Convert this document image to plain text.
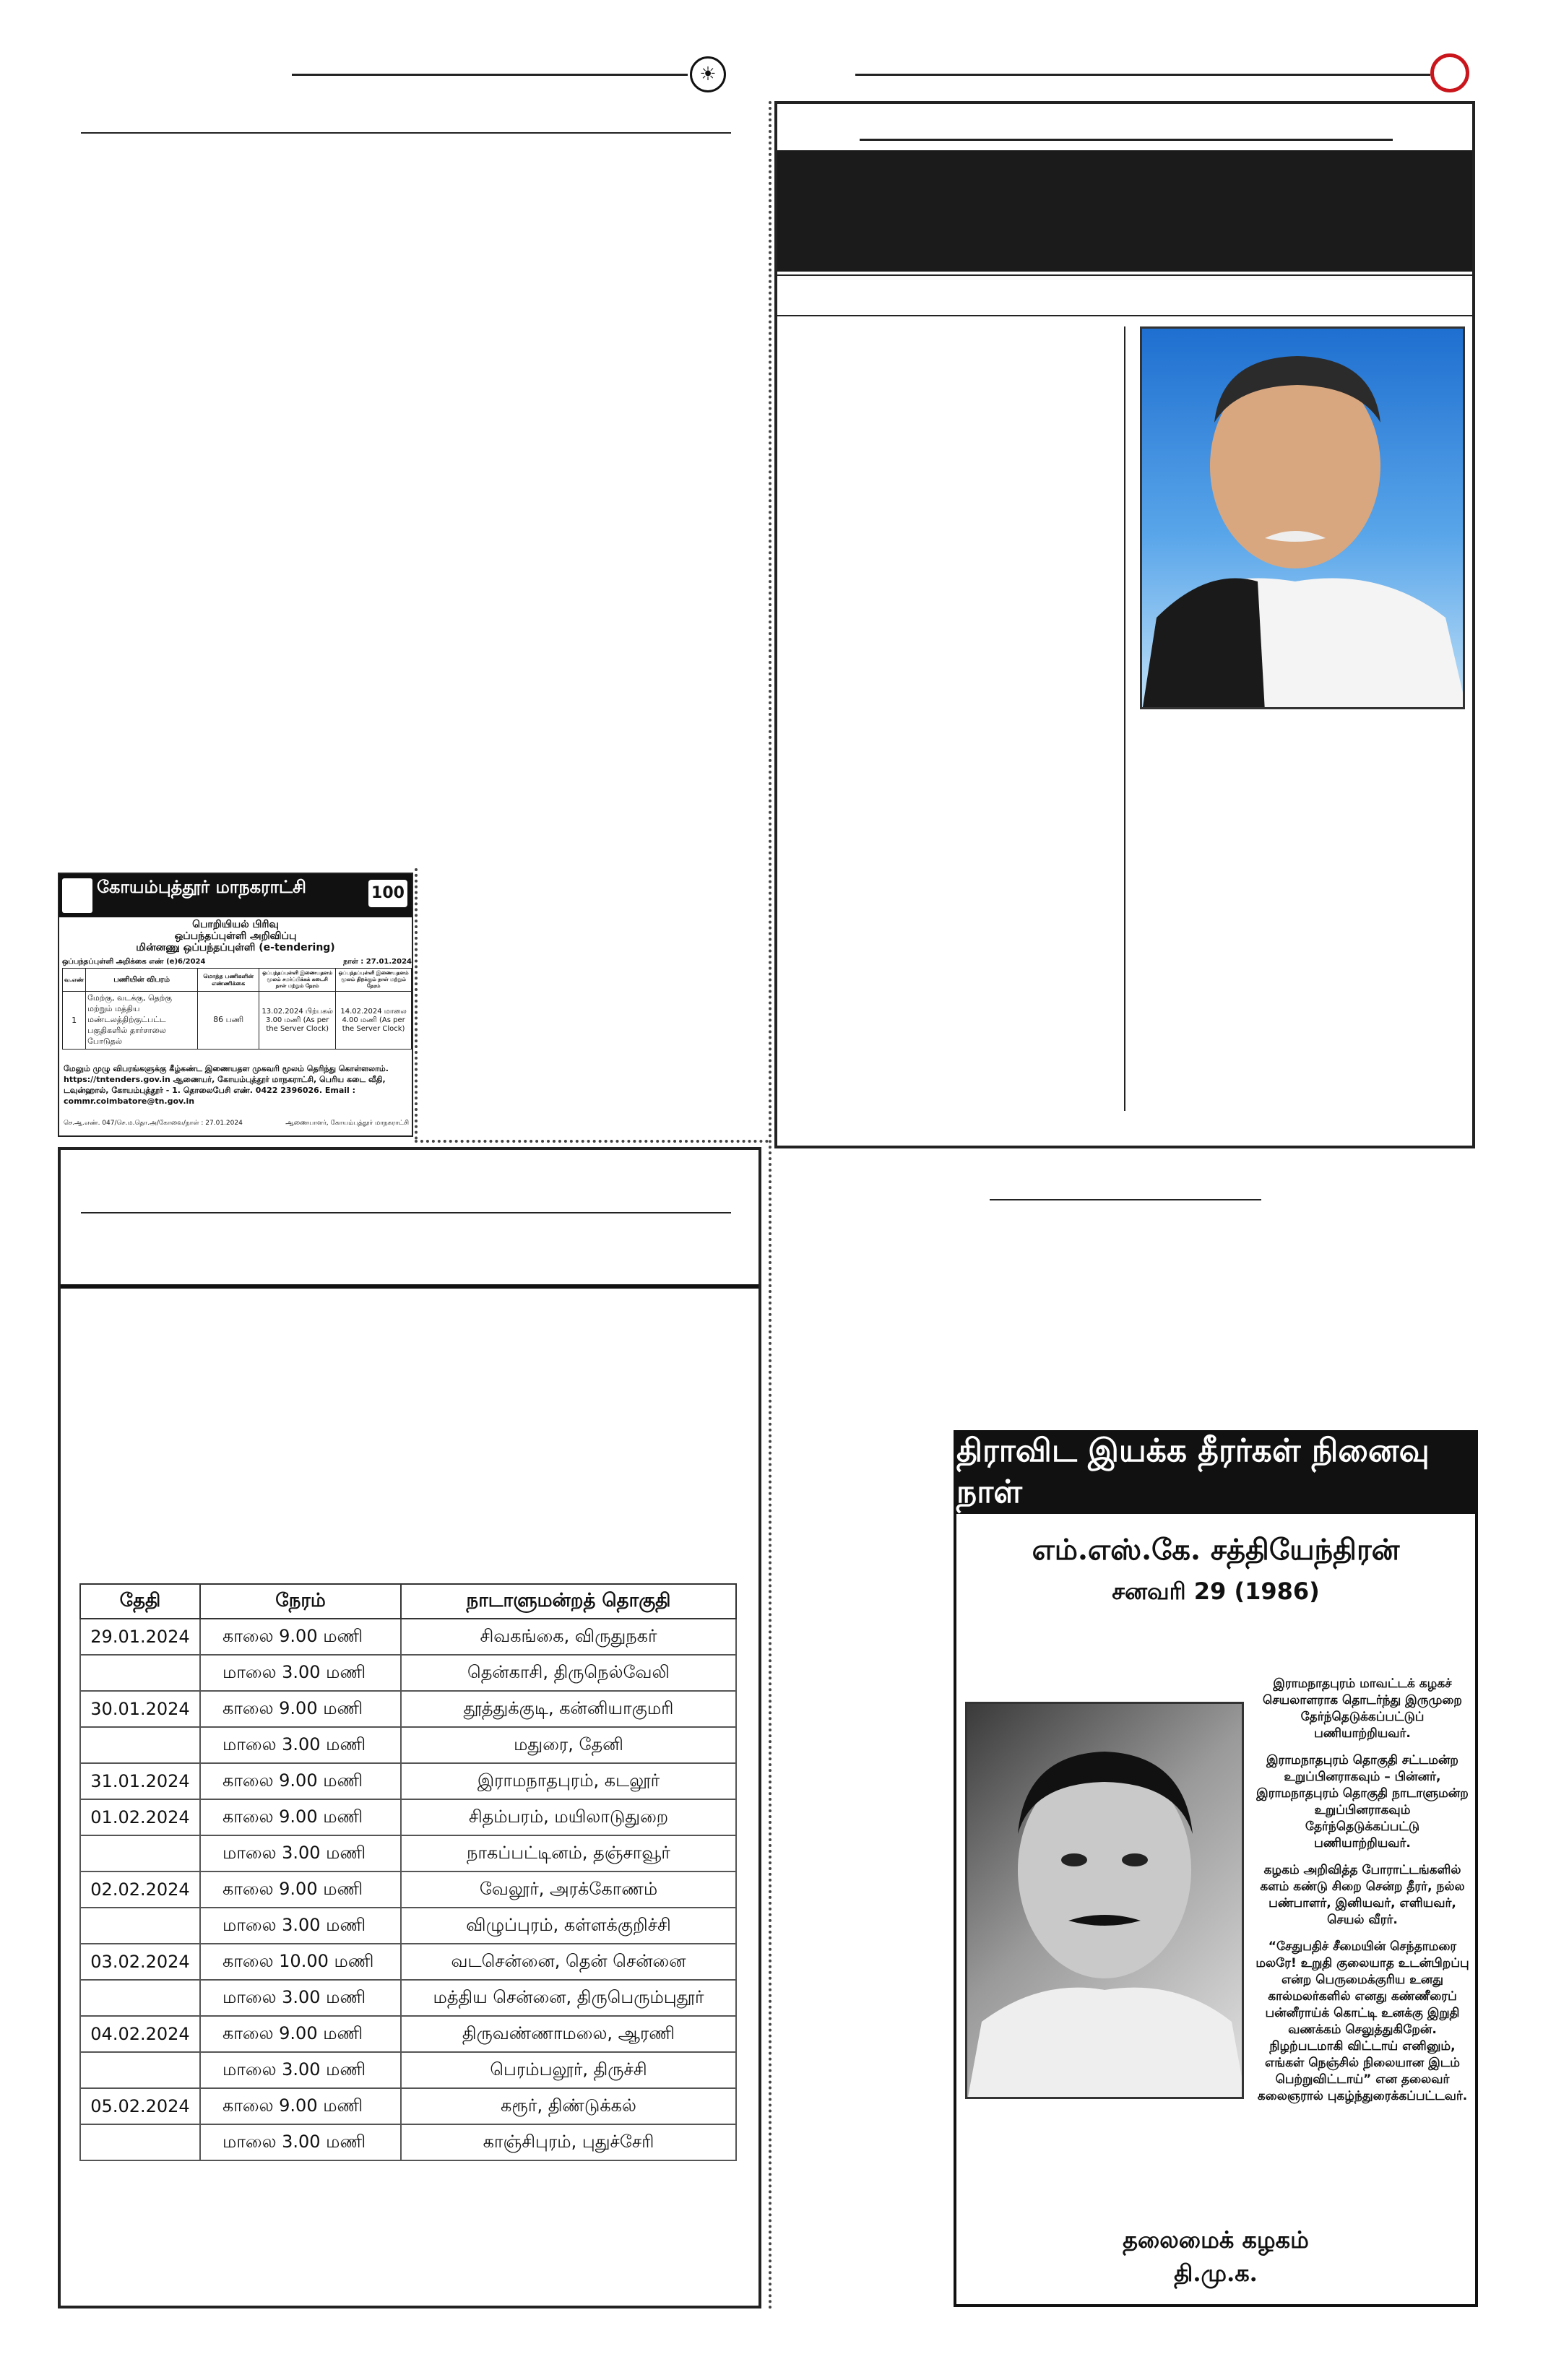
☀
கோயம்புத்தூர் மாநகராட்சி	100
பொறியியல் பிரிவு
ஒப்பந்தப்புள்ளி அறிவிப்பு
மின்னணு ஒப்பந்தப்புள்ளி (e-tendering)
ஒப்பந்தப்புள்ளி அறிக்கை எண் (e)6/2024	நாள் : 27.01.2024
வ.எண்	பணியின் விபரம்	மொத்த பணிகளின் எண்ணிக்கை	ஒப்பந்தப்புள்ளி இணையதளம் மூலம் சமர்ப்பிக்கக் கடைசி நாள் மற்றும் நேரம்	ஒப்பந்தப்புள்ளி இணையதளம் மூலம் திறக்கும் நாள் மற்றும் நேரம்
1	மேற்கு, வடக்கு, தெற்கு மற்றும் மத்திய மண்டலத்திற்குட்பட்ட பகுதிகளில் தார்சாலை போடுதல்	86 பணி	13.02.2024 பிற்பகல் 3.00 மணி (As per the Server Clock)	14.02.2024 மாலை 4.00 மணி (As per the Server Clock)
மேலும் முழு விபரங்களுக்கு கீழ்கண்ட இணையதள முகவரி மூலம் தெரிந்து கொள்ளலாம். https://tntenders.gov.in ஆணையர், கோயம்புத்தூர் மாநகராட்சி, பெரிய கடை வீதி, டவுன்ஹால், கோயம்புத்தூர் - 1. தொலைபேசி எண். 0422 2396026. Email : commr.coimbatore@tn.gov.in
செ.ஆ.எண். 047/செ.ம.தொ.அ/கோவை/நாள் : 27.01.2024	ஆணையாளர், கோயம்புத்தூர் மாநகராட்சி
தேதி	நேரம்	நாடாளுமன்றத் தொகுதி
29.01.2024	காலை 9.00 மணி	சிவகங்கை, விருதுநகர்
	மாலை 3.00 மணி	தென்காசி, திருநெல்வேலி
30.01.2024	காலை 9.00 மணி	தூத்துக்குடி, கன்னியாகுமரி
	மாலை 3.00 மணி	மதுரை, தேனி
31.01.2024	காலை 9.00 மணி	இராமநாதபுரம், கடலூர்
01.02.2024	காலை 9.00 மணி	சிதம்பரம், மயிலாடுதுறை
	மாலை 3.00 மணி	நாகப்பட்டினம், தஞ்சாவூர்
02.02.2024	காலை 9.00 மணி	வேலூர், அரக்கோணம்
	மாலை 3.00 மணி	விழுப்புரம், கள்ளக்குறிச்சி
03.02.2024	காலை 10.00 மணி	வடசென்னை, தென் சென்னை
	மாலை 3.00 மணி	மத்திய சென்னை, திருபெரும்புதூர்
04.02.2024	காலை 9.00 மணி	திருவண்ணாமலை, ஆரணி
	மாலை 3.00 மணி	பெரம்பலூர், திருச்சி
05.02.2024	காலை 9.00 மணி	கரூர், திண்டுக்கல்
	மாலை 3.00 மணி	காஞ்சிபுரம், புதுச்சேரி
திராவிட இயக்க தீரர்கள் நினைவு நாள்
எம்.எஸ்.கே. சத்தியேந்திரன்
சனவரி 29 (1986)

இராமநாதபுரம் மாவட்டக் கழகச் செயலாளராக தொடர்ந்து இருமுறை தேர்ந்தெடுக்கப்பட்டுப் பணியாற்றியவர்.

இராமநாதபுரம் தொகுதி சட்டமன்ற உறுப்பினராகவும் – பின்னர், இராமநாதபுரம் தொகுதி நாடாளுமன்ற உறுப்பினராகவும் தேர்ந்தெடுக்கப்பட்டு பணியாற்றியவர்.

கழகம் அறிவித்த போராட்டங்களில் களம் கண்டு சிறை சென்ற தீரர், நல்ல பண்பாளர், இனியவர், எளியவர், செயல் வீரர்.

“சேதுபதிச் சீமையின் செந்தாமரை மலரே! உறுதி குலையாத உடன்பிறப்பு என்ற பெருமைக்குரிய உனது கால்மலர்களில் எனது கண்ணீரைப் பன்னீராய்க் கொட்டி உனக்கு இறுதி வணக்கம் செலுத்துகிறேன். நிழற்படமாகி விட்டாய் எனினும், எங்கள் நெஞ்சில் நிலையான இடம் பெற்றுவிட்டாய்” என தலைவர் கலைஞரால் புகழ்ந்துரைக்கப்பட்டவர்.

தலைமைக் கழகம்
தி.மு.க.
